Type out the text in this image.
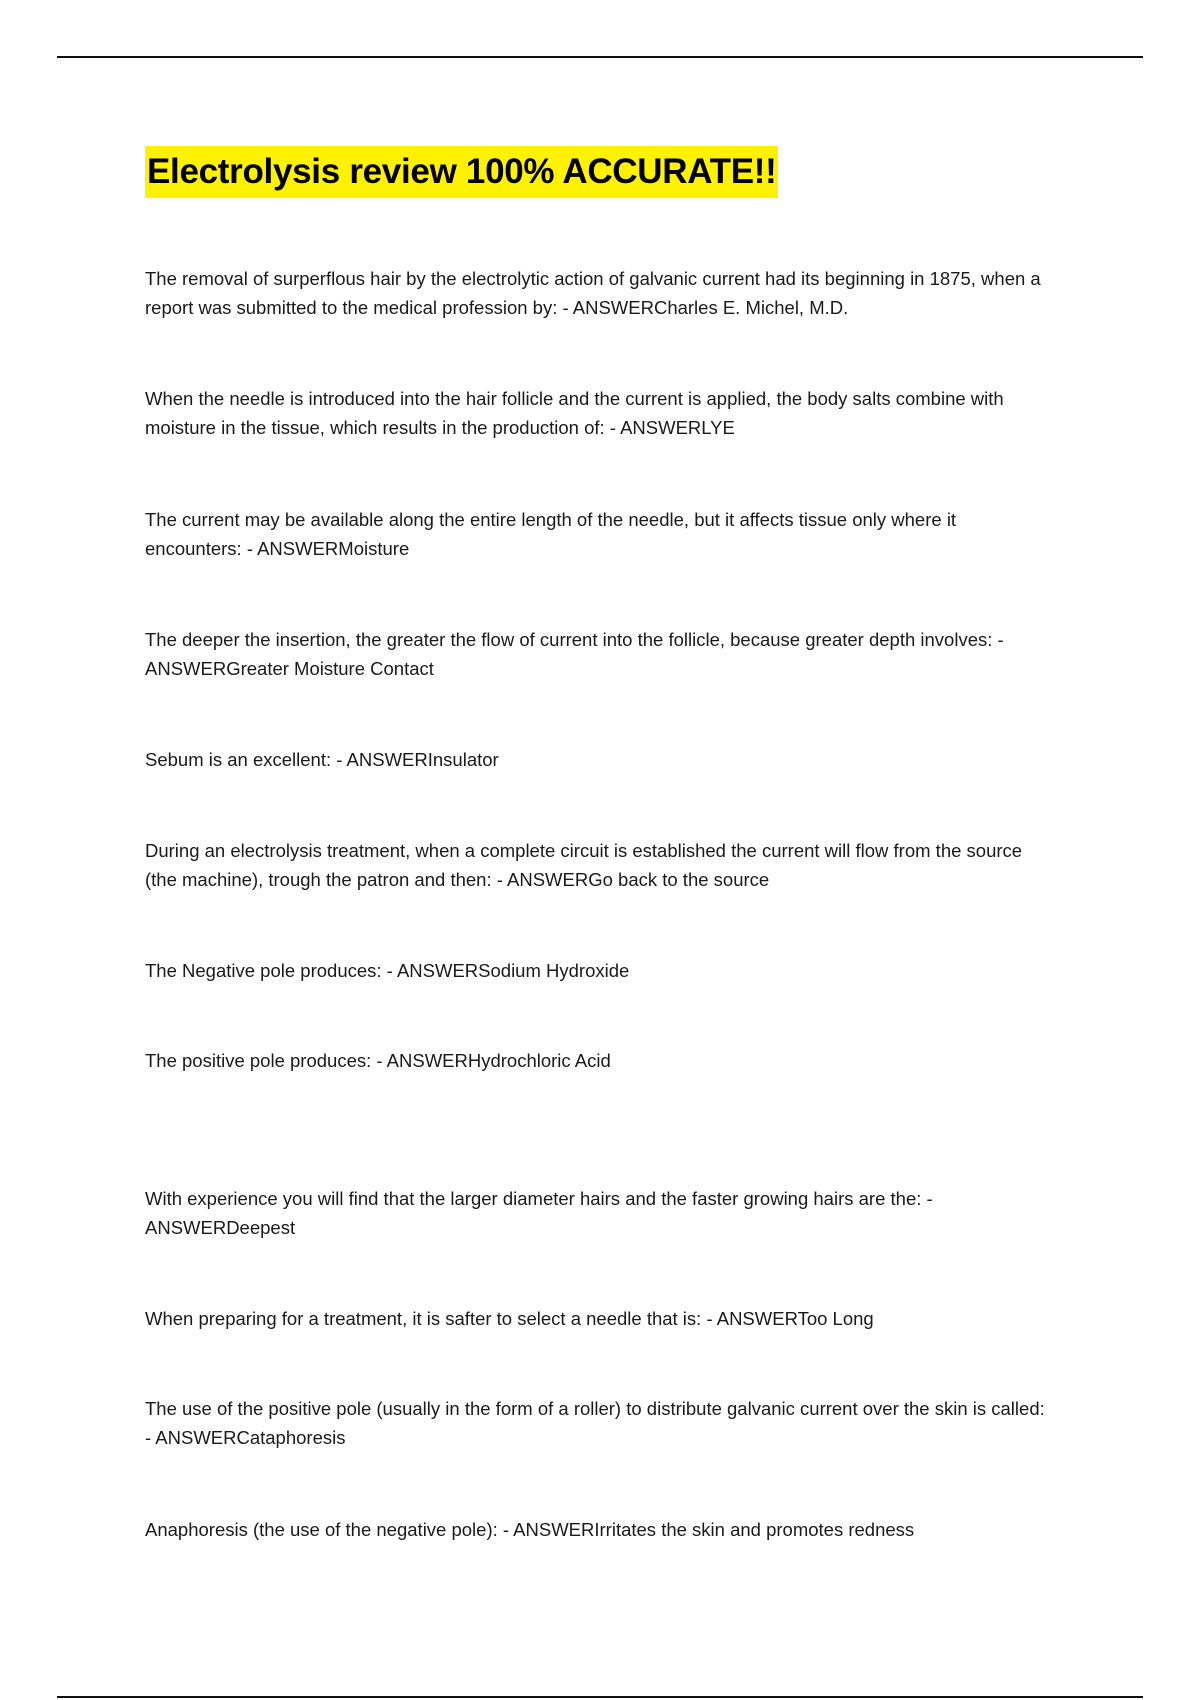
Electrolysis review 100% ACCURATE!!

The removal of surperflous hair by the electrolytic action of galvanic current had its beginning in 1875, when a report was submitted to the medical profession by: - ANSWERCharles E. Michel, M.D.

When the needle is introduced into the hair follicle and the current is applied, the body salts combine with moisture in the tissue, which results in the production of: - ANSWERLYE

The current may be available along the entire length of the needle, but it affects tissue only where it encounters: - ANSWERMoisture

The deeper the insertion, the greater the flow of current into the follicle, because greater depth involves: - ANSWERGreater Moisture Contact

Sebum is an excellent: - ANSWERInsulator

During an electrolysis treatment, when a complete circuit is established the current will flow from the source (the machine), trough the patron and then: - ANSWERGo back to the source

The Negative pole produces: - ANSWERSodium Hydroxide

The positive pole produces: - ANSWERHydrochloric Acid

With experience you will find that the larger diameter hairs and the faster growing hairs are the: - ANSWERDeepest

When preparing for a treatment, it is safter to select a needle that is: - ANSWERToo Long

The use of the positive pole (usually in the form of a roller) to distribute galvanic current over the skin is called: - ANSWERCataphoresis

Anaphoresis (the use of the negative pole): - ANSWERIrritates the skin and promotes redness
